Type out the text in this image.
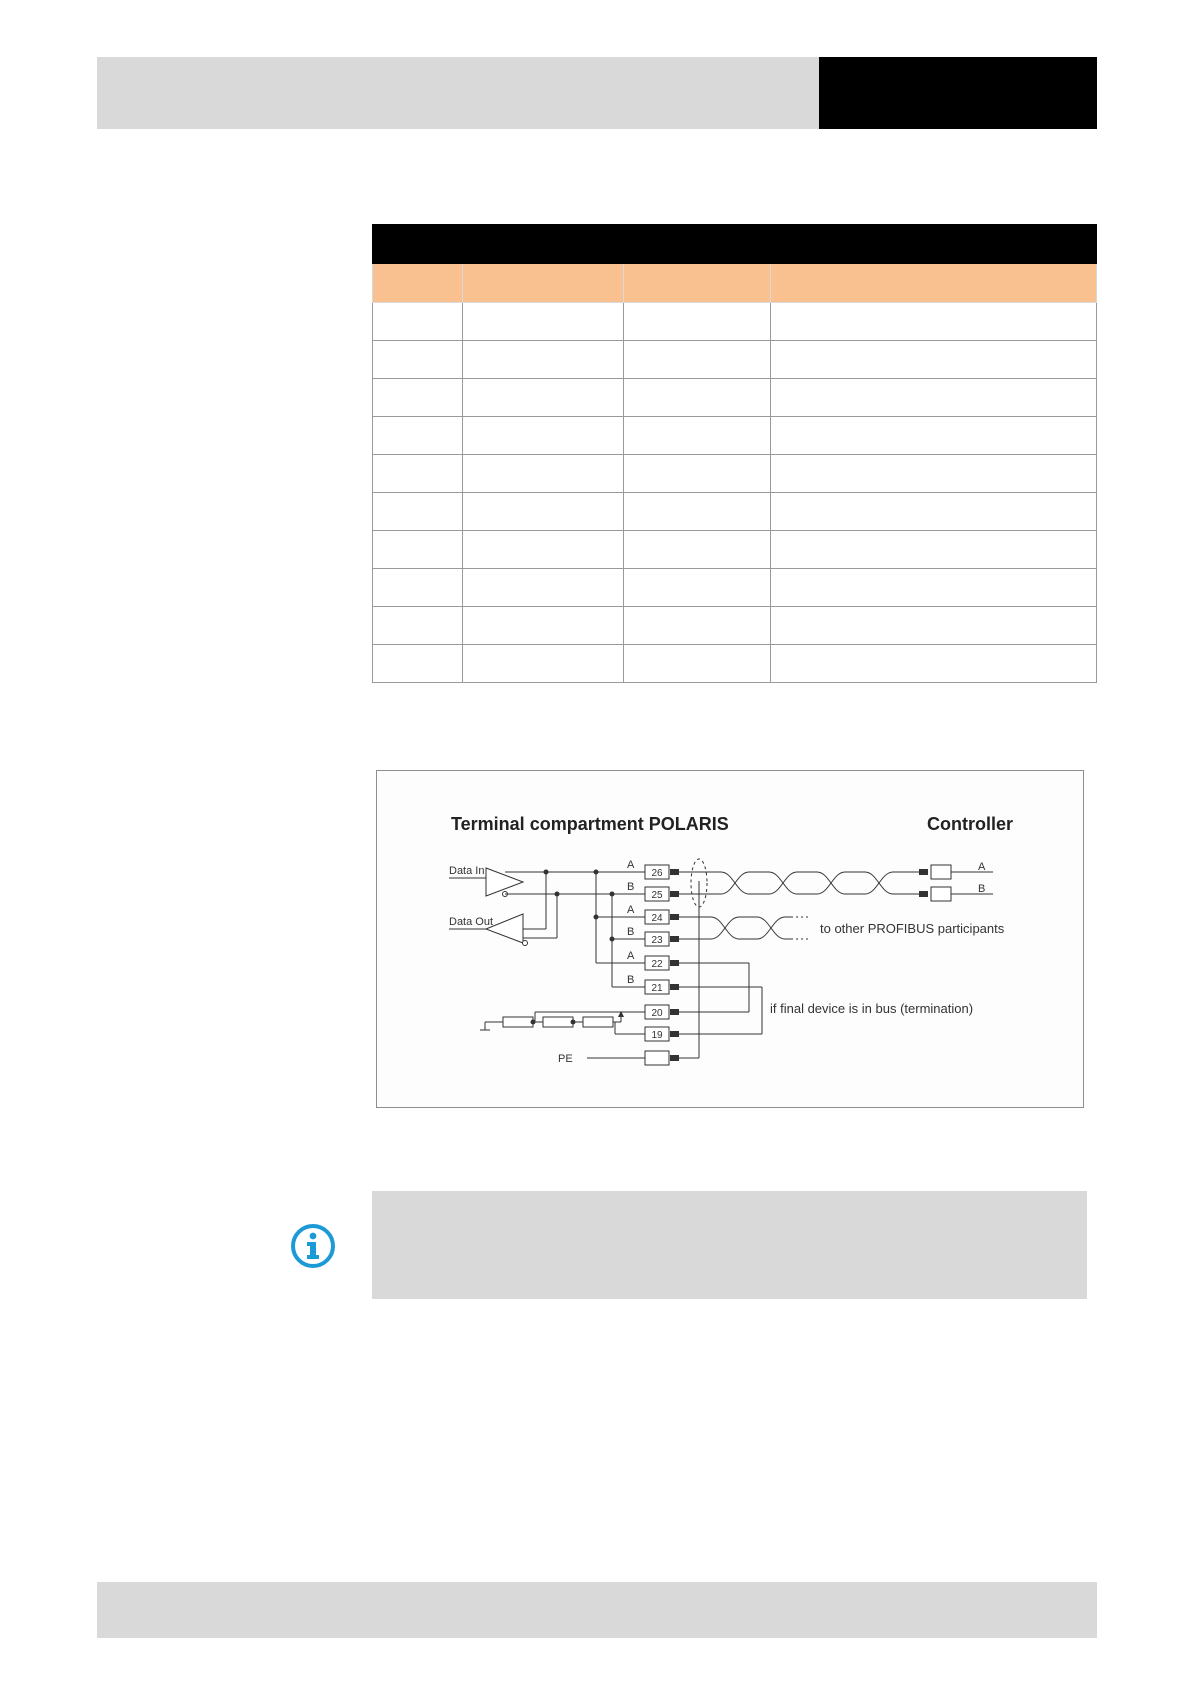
Terminal compartment POLARIS	Controller
26
25
24
23
22
21
20
19
A
B
A
B
A
B
A
B
Data In
Data Out
PE
to other PROFIBUS participants
if final device is in bus (termination)
